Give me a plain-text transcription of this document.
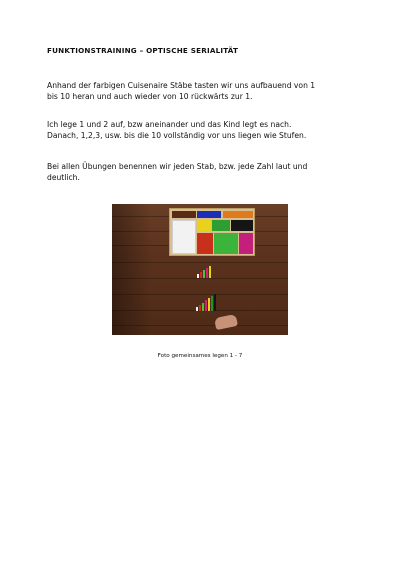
FUNKTIONSTRAINING – OPTISCHE SERIALITÄT
Anhand der farbigen Cuisenaire Stäbe tasten wir uns aufbauend von 1
bis 10 heran und auch wieder von 10 rückwärts zur 1.
Ich lege 1 und 2 auf, bzw aneinander und das Kind legt es nach.
Danach, 1,2,3, usw. bis die 10 vollständig vor uns liegen wie Stufen.
Bei allen Übungen benennen wir jeden Stab, bzw. jede Zahl laut und
deutlich.
Foto gemeinsames legen 1 - 7
